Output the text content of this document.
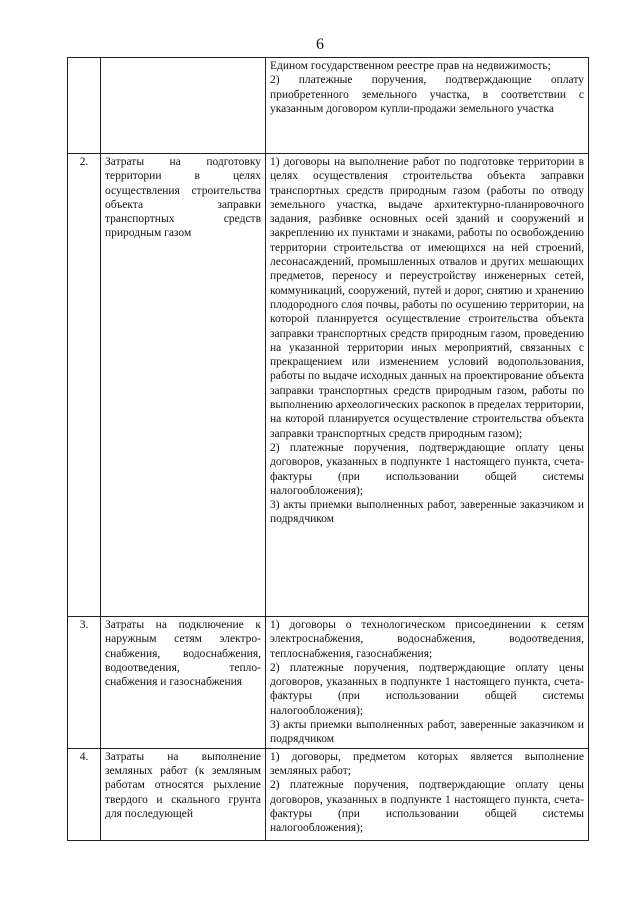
6

		Едином государственном реестре прав на недвижимость;
2) платежные поручения, подтверждающие оплату приобретенного земельного участка, в соответствии с указанным договором купли-продажи земельного участка

2.	Затраты на подготовку территории в целях осуществления строительства объекта заправки транспортных средств природным газом	1) договоры на выполнение работ по подготовке территории в целях осуществления строительства объекта заправки транспортных средств природным газом (работы по отводу земельного участка, выдаче архитектурно-планировочного задания, разбивке основных осей зданий и сооружений и закреплению их пунктами и знаками, работы по освобождению территории строительства от имеющихся на ней строений, лесонасаждений, промышленных отвалов и других мешающих предметов, переносу и переустройству инженерных сетей, коммуникаций, сооружений, путей и дорог, снятию и хранению плодородного слоя почвы, работы по осушению территории, на которой планируется осуществление строительства объекта заправки транспортных средств природным газом, проведению на указанной территории иных мероприятий, связанных с прекращением или изменением условий водопользования, работы по выдаче исходных данных на проектирование объекта заправки транспортных средств природным газом, работы по выполнению археологических раскопок в пределах территории, на которой планируется осуществление строительства объекта заправки транспортных средств природным газом);
2) платежные поручения, подтверждающие оплату цены договоров, указанных в подпункте 1 настоящего пункта, счета-фактуры (при использовании общей системы налогообложения);
3) акты приемки выполненных работ, заверенные заказчиком и подрядчиком

3.	Затраты на подключение к наружным сетям электро-снабжения, водоснабжения, водоотведения, тепло-снабжения и газоснабжения	1) договоры о технологическом присоединении к сетям электроснабжения, водоснабжения, водоотведения, теплоснабжения, газоснабжения;
2) платежные поручения, подтверждающие оплату цены договоров, указанных в подпункте 1 настоящего пункта, счета-фактуры (при использовании общей системы налогообложения);
3) акты приемки выполненных работ, заверенные заказчиком и подрядчиком

4.	Затраты на выполнение земляных работ (к земляным работам относятся рыхление твердого и скального грунта для последующей	1) договоры, предметом которых является выполнение земляных работ;
2) платежные поручения, подтверждающие оплату цены договоров, указанных в подпункте 1 настоящего пункта, счета-фактуры (при использовании общей системы налогообложения);
